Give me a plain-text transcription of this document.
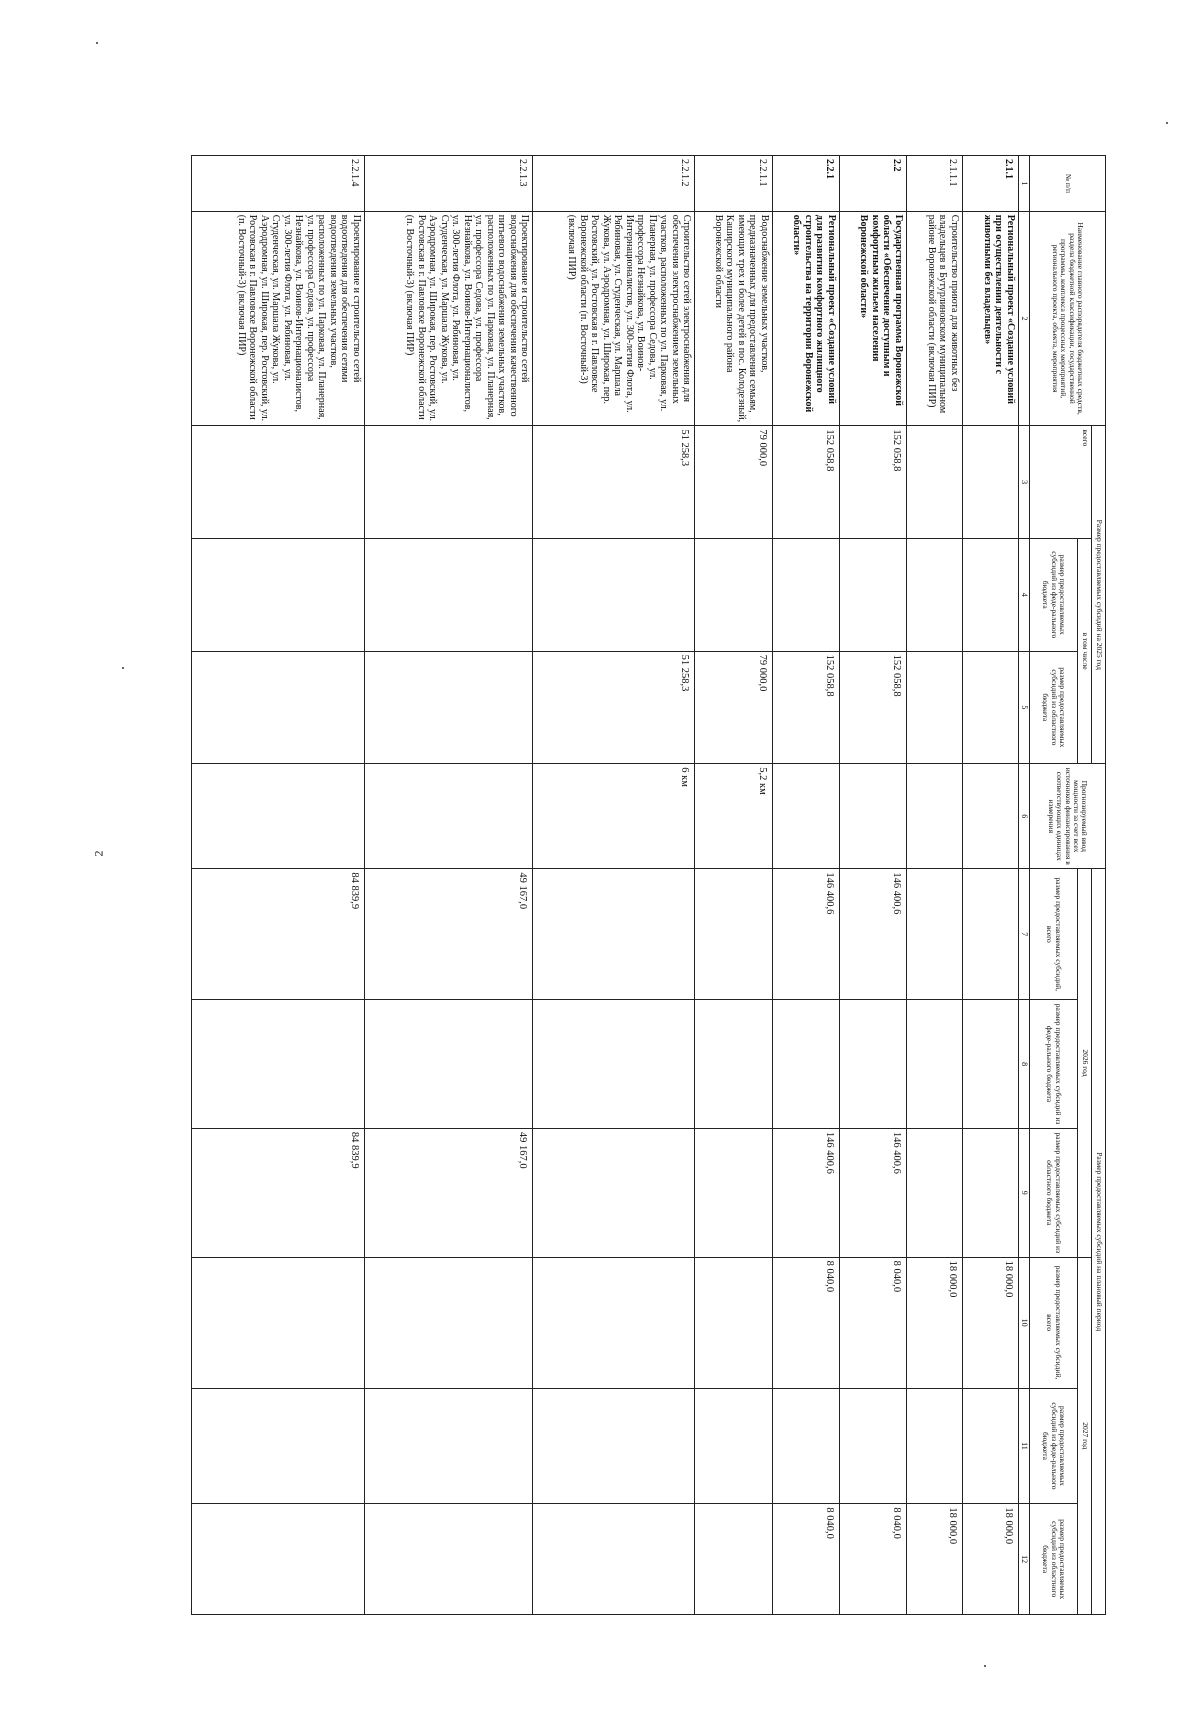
2
№ п/п	Наименование главного распорядителя бюджетных средств, раздела бюджетной классификации, государственной программы, комплекса процессных мероприятий, регионального проекта, объекта, мероприятия	Размер предоставляемых субсидий на 2025 год			Прогнозируемый ввод мощности за счет всех источников финансирования в соответствующих единицах измерения	Размер предоставляемых субсидий на плановый период					
		всего	в том числе			2026 год			2027 год		
			размер предоставляемых субсидий из феде-рального бюджета	размер предоставляемых субсидий из областного бюджета		размер предоставляемых субсидий, всего	размер предоставляемых субсидий из феде-рального бюджета	размер предоставляемых субсидий из областного бюджета	размер предоставляемых субсидий, всего	размер предоставляемых субсидий из феде-рального бюджета	размер предоставляемых субсидий из областного бюджета
1	2	3	4	5	6	7	8	9	10	11	12
2.1.1	Региональный проект «Создание условий при осуществлении деятельности с животными без владельцев»								18 000,0		18 000,0
2.1.1.1	Строительство приюта для животных без владельцев в Бутурлиновском муниципальном районе Воронежской области (включая ПИР)								18 000,0		18 000,0
2.2	Государственная программа Воронежской области «Обеспечение доступным и комфортным жильем населения Воронежской области»	152 058,8		152 058,8		146 400,6		146 400,6	8 040,0		8 040,0
2.2.1	Региональный проект «Создание условий для развития комфортного жилищного строительства на территории Воронежской области»	152 058,8		152 058,8		146 400,6		146 400,6	8 040,0		8 040,0
2.2.1.1	Водоснабжение земельных участков, предназначенных для предоставления семьям, имеющих трех и более детей в пос. Колодезный, Каширского муниципального района Воронежской области	79 000,0		79 000,0	5,2 км						
2.2.1.2	Строительство сетей электроснабжения для обеспечения электроснабжением земельных участков, расположенных по ул. Парковая, ул. Планерная, ул. профессора Седова, ул. профессора Незнайкова, ул. Воинов-Интернационалистов, ул. 300-летия Флота, ул. Рябиновая, ул. Студенческая, ул. Маршала Жукова, ул. Аэродромная, ул. Широкая, пер. Ростовский, ул. Ростовская в г. Павловске Воронежской области (п. Восточный-3) (включая ПИР)	51 258,3		51 258,3	6 км						
2.2.1.3	Проектирование и строительство сетей водоснабжения для обеспечения качественного питьевого водоснабжения земельных участков, расположенных по ул. Парковая, ул. Планерная, ул. профессора Седова, ул. профессора Незнайкова, ул. Воинов-Интернационалистов, ул. 300-летия Флота, ул. Рябиновая, ул. Студенческая, ул. Маршала Жукова, ул. Аэродромная, ул. Широкая, пер. Ростовский, ул. Ростовская в г. Павловске Воронежской области (п. Восточный-3) (включая ПИР)					49 167,0		49 167,0			
2.2.1.4	Проектирование и строительство сетей водоотведения для обеспечения сетями водоотведения земельных участков, расположенных по ул. Парковая, ул. Планерная, ул. профессора Седова, ул. профессора Незнайкова, ул. Воинов-Интернационалистов, ул. 300-летия Флота, ул. Рябиновая, ул. Студенческая, ул. Маршала Жукова, ул. Аэродромная, ул. Широкая, пер. Ростовский, ул. Ростовская в г. Павловске Воронежской области (п. Восточный-3) (включая ПИР)					84 839,9		84 839,9			
